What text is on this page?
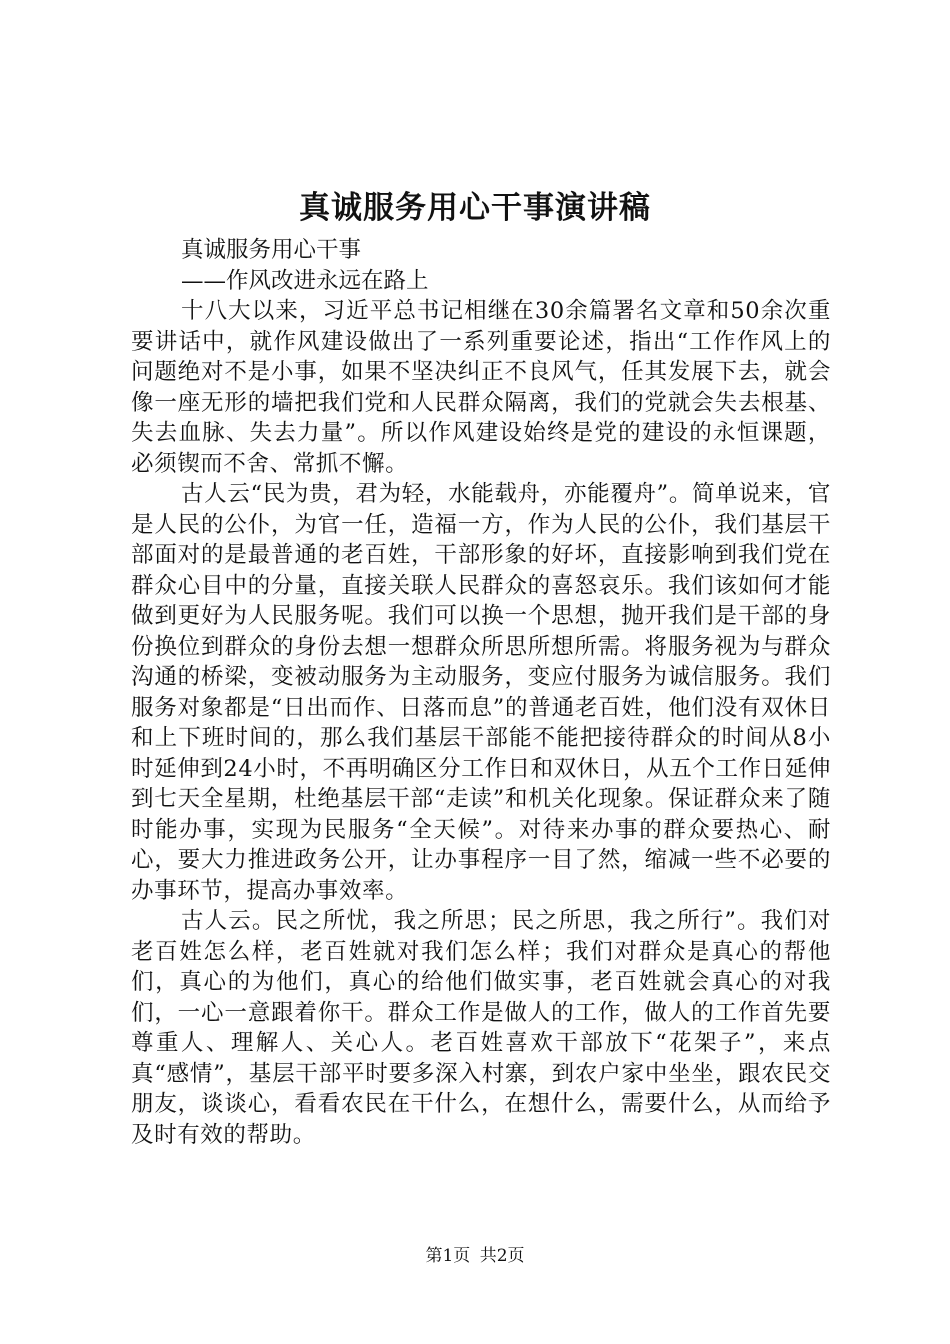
真诚服务用心干事演讲稿

真诚服务用心干事

——作风改进永远在路上

十八大以来，习近平总书记相继在30余篇署名文章和50余次重要讲话中，就作风建设做出了一系列重要论述，指出“工作作风上的问题绝对不是小事，如果不坚决纠正不良风气，任其发展下去，就会像一座无形的墙把我们党和人民群众隔离，我们的党就会失去根基、失去血脉、失去力量”。所以作风建设始终是党的建设的永恒课题，必须锲而不舍、常抓不懈。

古人云“民为贵，君为轻，水能载舟，亦能覆舟”。简单说来，官是人民的公仆，为官一任，造福一方，作为人民的公仆，我们基层干部面对的是最普通的老百姓，干部形象的好坏，直接影响到我们党在群众心目中的分量，直接关联人民群众的喜怒哀乐。我们该如何才能做到更好为人民服务呢。我们可以换一个思想，抛开我们是干部的身份换位到群众的身份去想一想群众所思所想所需。将服务视为与群众沟通的桥梁，变被动服务为主动服务，变应付服务为诚信服务。我们服务对象都是“日出而作、日落而息”的普通老百姓，他们没有双休日和上下班时间的，那么我们基层干部能不能把接待群众的时间从8小时延伸到24小时，不再明确区分工作日和双休日，从五个工作日延伸到七天全星期，杜绝基层干部“走读”和机关化现象。保证群众来了随时能办事，实现为民服务“全天候”。对待来办事的群众要热心、耐心，要大力推进政务公开，让办事程序一目了然，缩减一些不必要的办事环节，提高办事效率。

古人云。民之所忧，我之所思；民之所思，我之所行”。我们对老百姓怎么样，老百姓就对我们怎么样；我们对群众是真心的帮他们，真心的为他们，真心的给他们做实事，老百姓就会真心的对我们，一心一意跟着你干。群众工作是做人的工作，做人的工作首先要尊重人、理解人、关心人。老百姓喜欢干部放下“花架子”，来点真“感情”，基层干部平时要多深入村寨，到农户家中坐坐，跟农民交朋友，谈谈心，看看农民在干什么，在想什么，需要什么，从而给予及时有效的帮助。

第1页 共2页
